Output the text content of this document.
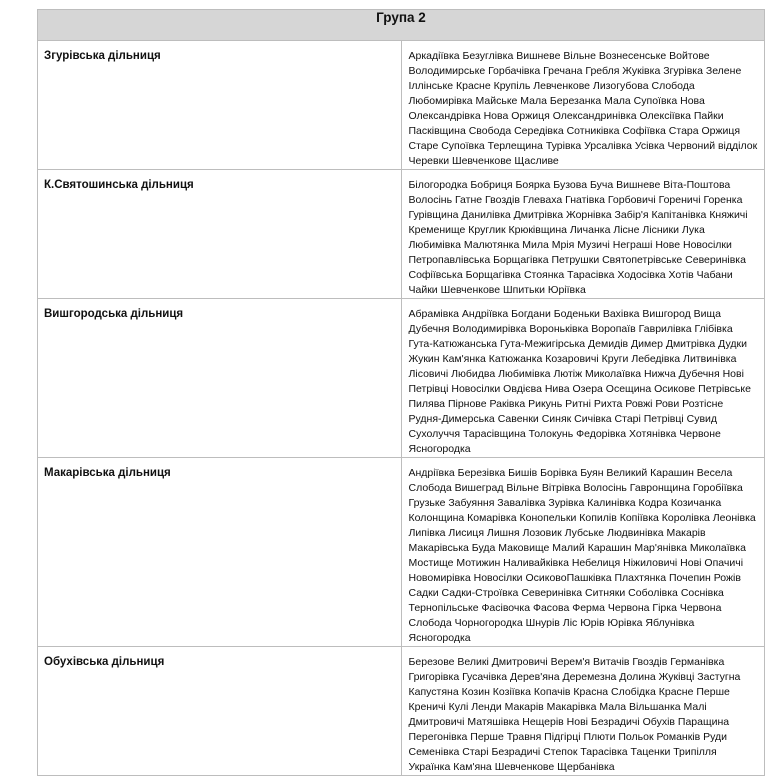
Група 2	
Згурівська дільниця	Аркадіївка Безуглівка Вишневе Вільне Вознесенське Войтове Володимирське Горбачівка Гречана Гребля Жуківка Згурівка Зелене Іллінське Красне Крупіль Левченкове Лизогубова Слобода Любомирівка Майське Мала Березанка Мала Супоївка Нова Олександрівка Нова Оржиця Олександринівка Олексіївка Пайки Пасківщина Свобода Середівка Сотниківка Софіївка Стара Оржиця Старе Супоївка Терлещина Турівка Урсалівка Усівка Червоний відділок Черевки Шевченкове Щасливе
К.Святошинська дільниця	Білогородка Бобриця Боярка Бузова Буча Вишневе Віта-Поштова Волосінь Гатне Гвоздів Глеваха Гнатівка Горбовичі Гореничі Горенка Гурівщина Данилівка Дмитрівка Жорнівка Забір'я Капітанівка Княжичі Кременище Круглик Крюківщина Личанка Лісне Лісники Лука Любимівка Малютянка Мила Мрія Музичі Негрaші Нове Новосілки Петропавлівська Борщагівка Петрушки Святопетрівське Северинівка Софіївська Борщагівка Стоянка Тарасівка Ходосівка Хотів Чабани Чайки Шевченкове Шпитьки Юріївка
Вишгородська дільниця	Абрамівка Андріївка Богдани Боденьки Вахівка Вишгород Вища Дубечня Володимирівка Воронькiвка Воропаїв Гаврилівка Глібівка Гута-Катюжанська Гута-Межигірська Демидів Димер Дмитрівка Дудки Жукин Кам'янка Катюжанка Козаровичі Круги Лебедівка Литвинівка Лісовичі Любидва Любимівка Лютіж Миколаївка Нижча Дубечня Нові Петрівці Новосілки Овдієва Нива Озера Осещина Осикове Петрівське Пилява Пірнове Раківка Рикунь Ритні Рихта Ровжі Рови Розтісне Рудня-Димерська Савенки Синяк Сичівка Старі Петрівці Сувид Сухолуччя Тарасівщина Толокунь Федорівка Хотянівка Червоне Ясногородка
Макарівська дільниця	Андріївка Березівка Бишів Борівка Буян Великий Карашин Весела Слобода Вишеград Вільне Вітрівка Волосінь Гавронщина Горобіївка Грузьке Забуяння Завалівка Зурівка Калинівка Кодра Козичанка Колонщина Комарівка Конопельки Копилів Копіївка Королівка Леонівка Липівка Лисиця Лишня Лозовик Лубське Людвинівка Макарів Макарівська Буда Маковище Малий Карашин Мар'янівка Миколаївка Мостище Мотижин Наливайківка Небелиця Ніжиловичі Нові Опачичі Новомирівка Новосілки ОсиковоПашківка Плахтянка Почепин Рожів Садки Садки-Строївка Северинівка Ситняки Соболівка Соснівка Тернопільське Фасівочка Фасова Ферма Червона Гірка Червона Слобода Чорногородка Шнурів Ліс Юрів Юрівка Яблунівка Ясногородка
Обухівська дільниця	Березове Великі Дмитровичі Верем'я Витачів Гвоздів Германівка Григорівка Гусачівка Дерев'яна Деремезна Долина Жуківці Застугна Капустяна Козин Козіївка Копачів Красна Слобідка Красне Перше Креничі Кулі Ленди Макарів Макарівка Мала Вільшанка Малі Дмитровичі Матяшівка Нещерів Нові Безрадичі Обухів Паращина Перегонівка Перше Травня Підгірці Плюти Польок Романків Руди Семенівка Старі Безрадичі Степок Тарасівка Таценки Трипілля Українка Кам'яна Шевченкове Щербанівка
